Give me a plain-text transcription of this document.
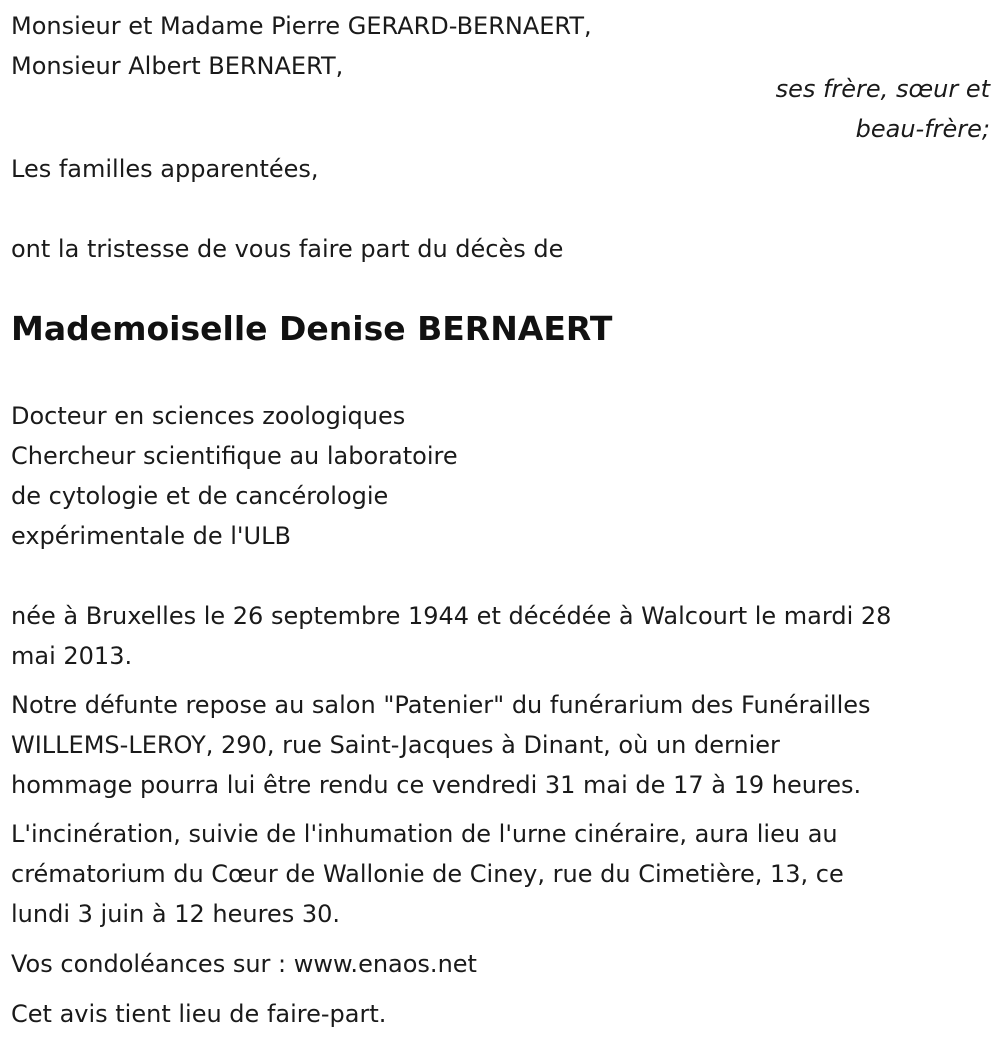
Monsieur et Madame Pierre GERARD-BERNAERT,
Monsieur Albert BERNAERT,
ses frère, sœur et
beau-frère;
Les familles apparentées,
ont la tristesse de vous faire part du décès de
Mademoiselle Denise BERNAERT
Docteur en sciences zoologiques
Chercheur scientifique au laboratoire
de cytologie et de cancérologie
expérimentale de l'ULB
née à Bruxelles le 26 septembre 1944 et décédée à Walcourt le mardi 28
mai 2013.
Notre défunte repose au salon "Patenier" du funérarium des Funérailles
WILLEMS-LEROY, 290, rue Saint-Jacques à Dinant, où un dernier
hommage pourra lui être rendu ce vendredi 31 mai de 17 à 19 heures.
L'incinération, suivie de l'inhumation de l'urne cinéraire, aura lieu au
crématorium du Cœur de Wallonie de Ciney, rue du Cimetière, 13, ce
lundi 3 juin à 12 heures 30.
Vos condoléances sur : www.enaos.net
Cet avis tient lieu de faire-part.
